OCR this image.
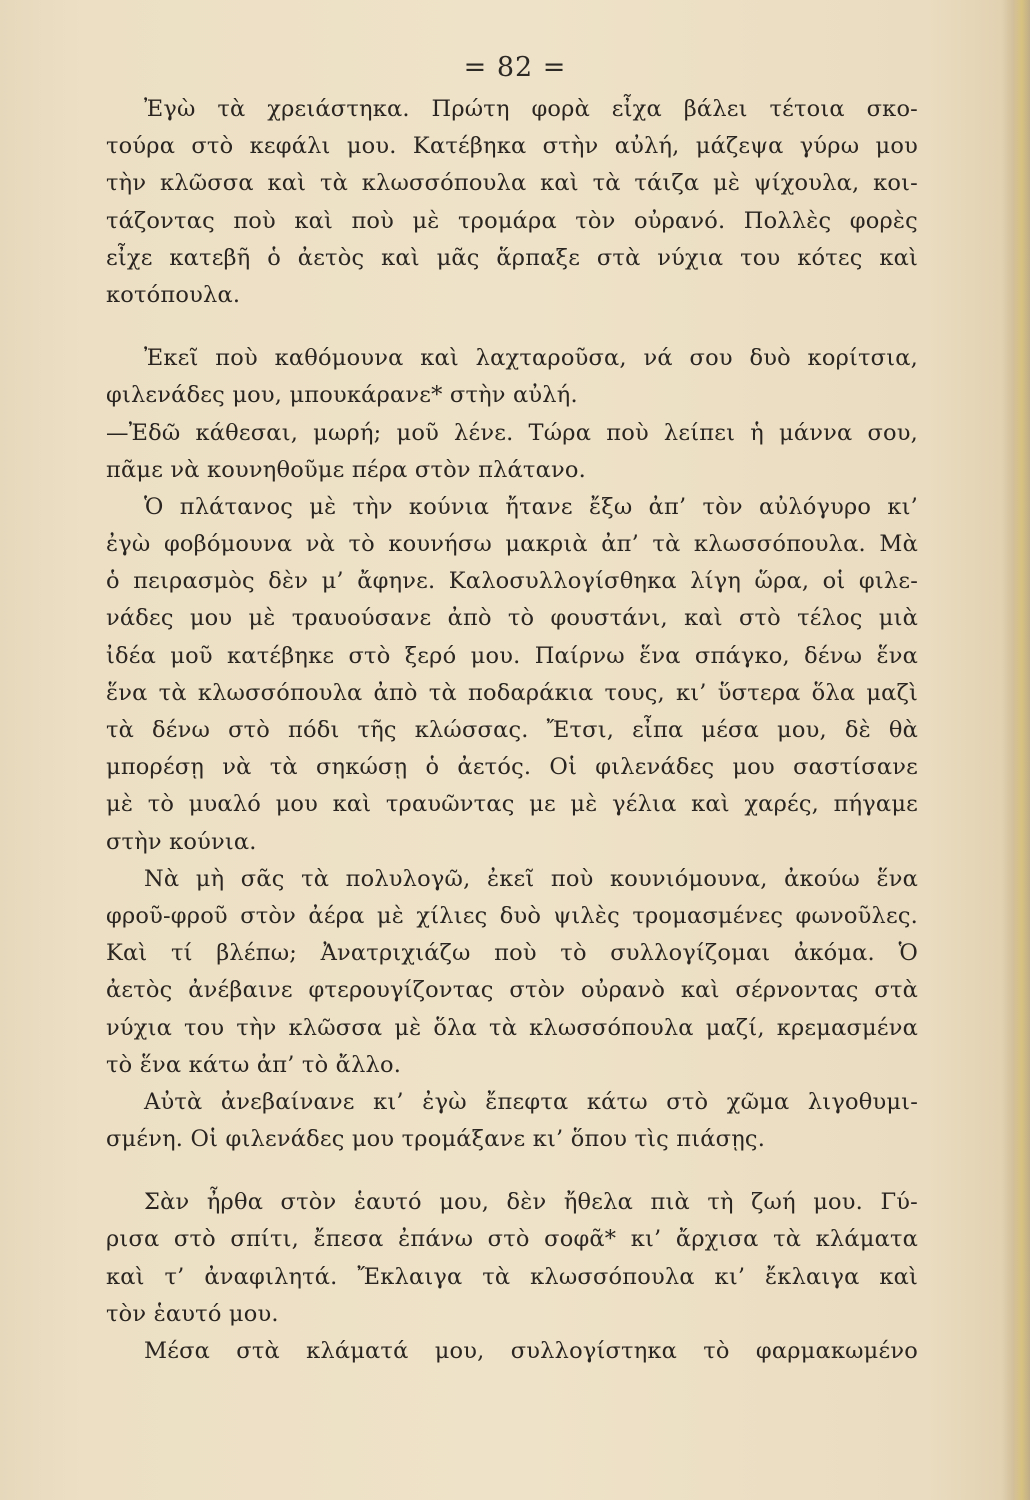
= 82 =
Ἐγὼ τὰ χρειάστηκα. Πρώτη φορὰ εἶχα βάλει τέτοια σκο-
τούρα στὸ κεφάλι μου. Κατέβηκα στὴν αὐλή, μάζεψα γύρω μου
τὴν κλῶσσα καὶ τὰ κλωσσόπουλα καὶ τὰ τάιζα μὲ ψίχουλα, κοι-
τάζοντας ποὺ καὶ ποὺ μὲ τρομάρα τὸν οὐρανό. Πολλὲς φορὲς
εἶχε κατεβῆ ὁ ἀετὸς καὶ μᾶς ἅρπαξε στὰ νύχια του κότες καὶ
κοτόπουλα.
Ἐκεῖ ποὺ καθόμουνα καὶ λαχταροῦσα, νά σου δυὸ κορίτσια,
φιλενάδες μου, μπουκάρανε* στὴν αὐλή.
—Ἐδῶ κάθεσαι, μωρή; μοῦ λένε. Τώρα ποὺ λείπει ἡ μάννα σου,
πᾶμε νὰ κουνηθοῦμε πέρα στὸν πλάτανο.
Ὁ πλάτανος μὲ τὴν κούνια ἤτανε ἔξω ἀπ’ τὸν αὐλόγυρο κι’
ἐγὼ φοβόμουνα νὰ τὸ κουνήσω μακριὰ ἀπ’ τὰ κλωσσόπουλα. Μὰ
ὁ πειρασμὸς δὲν μ’ ἄφηνε. Καλοσυλλογίσθηκα λίγη ὥρα, οἱ φιλε-
νάδες μου μὲ τραυούσανε ἀπὸ τὸ φουστάνι, καὶ στὸ τέλος μιὰ
ἰδέα μοῦ κατέβηκε στὸ ξερό μου. Παίρνω ἕνα σπάγκο, δένω ἕνα
ἕνα τὰ κλωσσόπουλα ἀπὸ τὰ ποδαράκια τους, κι’ ὕστερα ὅλα μαζὶ
τὰ δένω στὸ πόδι τῆς κλώσσας. Ἔτσι, εἶπα μέσα μου, δὲ θὰ
μπορέσῃ νὰ τὰ σηκώσῃ ὁ ἀετός. Οἱ φιλενάδες μου σαστίσανε
μὲ τὸ μυαλό μου καὶ τραυῶντας με μὲ γέλια καὶ χαρές, πήγαμε
στὴν κούνια.
Νὰ μὴ σᾶς τὰ πολυλογῶ, ἐκεῖ ποὺ κουνιόμουνα, ἀκούω ἕνα
φροῦ-φροῦ στὸν ἀέρα μὲ χίλιες δυὸ ψιλὲς τρομασμένες φωνοῦλες.
Καὶ τί βλέπω; Ἀνατριχιάζω ποὺ τὸ συλλογίζομαι ἀκόμα. Ὁ
ἀετὸς ἀνέβαινε φτερουγίζοντας στὸν οὐρανὸ καὶ σέρνοντας στὰ
νύχια του τὴν κλῶσσα μὲ ὅλα τὰ κλωσσόπουλα μαζί, κρεμασμένα
τὸ ἕνα κάτω ἀπ’ τὸ ἄλλο.
Αὐτὰ ἀνεβαίνανε κι’ ἐγὼ ἔπεφτα κάτω στὸ χῶμα λιγοθυμι-
σμένη. Οἱ φιλενάδες μου τρομάξανε κι’ ὅπου τὶς πιάσῃς.
Σὰν ἦρθα στὸν ἑαυτό μου, δὲν ἤθελα πιὰ τὴ ζωή μου. Γύ-
ρισα στὸ σπίτι, ἔπεσα ἐπάνω στὸ σοφᾶ* κι’ ἄρχισα τὰ κλάματα
καὶ τ’ ἀναφιλητά. Ἔκλαιγα τὰ κλωσσόπουλα κι’ ἔκλαιγα καὶ
τὸν ἑαυτό μου.
Μέσα στὰ κλάματά μου, συλλογίστηκα τὸ φαρμακωμένο
